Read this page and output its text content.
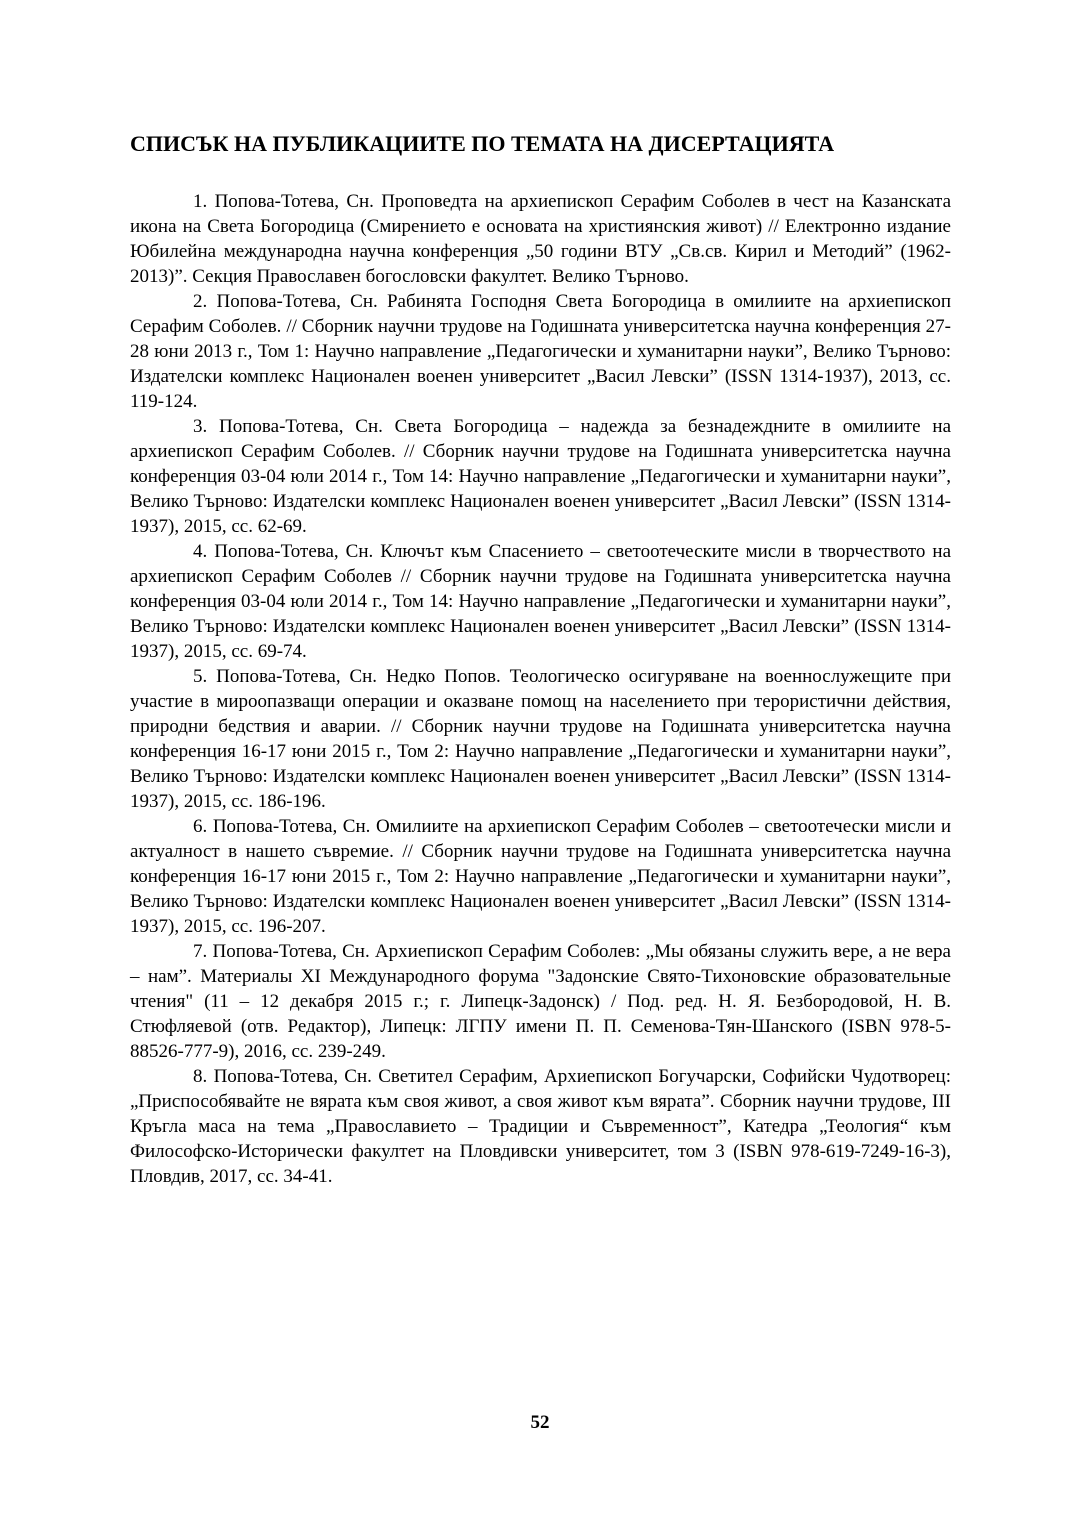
СПИСЪК НА ПУБЛИКАЦИИТЕ ПО ТЕМАТА НА ДИСЕРТАЦИЯТА
1. Попова-Тотева, Сн. Проповедта на архиепископ Серафим Соболев в чест на Казанската икона на Света Богородица (Смирението е основата на християнския живот) // Електронно издание Юбилейна международна научна конференция „50 години ВТУ „Св.св. Кирил и Методий” (1962-2013)”. Секция Православен богословски факултет. Велико Търново.
2. Попова-Тотева, Сн. Рабинята Господня Света Богородица в омилиите на архиепископ Серафим Соболев. // Сборник научни трудове на Годишната университетска научна конференция 27-28 юни 2013 г., Том 1: Научно направление „Педагогически и хуманитарни науки”, Велико Търново: Издателски комплекс Национален военен университет „Васил Левски” (ISSN 1314-1937), 2013, сс. 119-124.
3. Попова-Тотева, Сн. Света Богородица – надежда за безнадеждните в омилиите на архиепископ Серафим Соболев. // Сборник научни трудове на Годишната университетска научна конференция 03-04 юли 2014 г., Том 14: Научно направление „Педагогически и хуманитарни науки”, Велико Търново: Издателски комплекс Национален военен университет „Васил Левски” (ISSN 1314-1937), 2015, сс. 62-69.
4. Попова-Тотева, Сн. Ключът към Спасението – светоотеческите мисли в творчеството на архиепископ Серафим Соболев // Сборник научни трудове на Годишната университетска научна конференция 03-04 юли 2014 г., Том 14: Научно направление „Педагогически и хуманитарни науки”, Велико Търново: Издателски комплекс Национален военен университет „Васил Левски” (ISSN 1314-1937), 2015, сс. 69-74.
5. Попова-Тотева, Сн. Недко Попов. Теологическо осигуряване на военнослужещите при участие в мироопазващи операции и оказване помощ на населението при терористични действия, природни бедствия и аварии. // Сборник научни трудове на Годишната университетска научна конференция 16-17 юни 2015 г., Том 2: Научно направление „Педагогически и хуманитарни науки”, Велико Търново: Издателски комплекс Национален военен университет „Васил Левски” (ISSN 1314-1937), 2015, сс. 186-196.
6. Попова-Тотева, Сн. Омилиите на архиепископ Серафим Соболев – светоотечески мисли и актуалност в нашето съвремие. // Сборник научни трудове на Годишната университетска научна конференция 16-17 юни 2015 г., Том 2: Научно направление „Педагогически и хуманитарни науки”, Велико Търново: Издателски комплекс Национален военен университет „Васил Левски” (ISSN 1314-1937), 2015, сс. 196-207.
7. Попова-Тотева, Сн. Архиепископ Серафим Соболев: „Мы обязаны служить вере, а не вера – нам”. Материалы XI Международного форума "Задонские Свято-Тихоновские образовательные чтения" (11 – 12 декабря 2015 г.; г. Липецк-Задонск) / Под. ред. Н. Я. Безбородовой, Н. В. Стюфляевой (отв. Редактор), Липецк: ЛГПУ имени П. П. Семенова-Тян-Шанского (ISBN 978-5-88526-777-9), 2016, сс. 239-249.
8. Попова-Тотева, Сн. Светител Серафим, Архиепископ Богучарски, Софийски Чудотворец: „Приспособявайте не вярата към своя живот, а своя живот към вярата”. Сборник научни трудове, III Кръгла маса на тема „Православието – Традиции и Съвременност”, Катедра „Теология“ към Философско-Исторически факултет на Пловдивски университет, том 3 (ISBN 978-619-7249-16-3), Пловдив, 2017, сс. 34-41.
52
